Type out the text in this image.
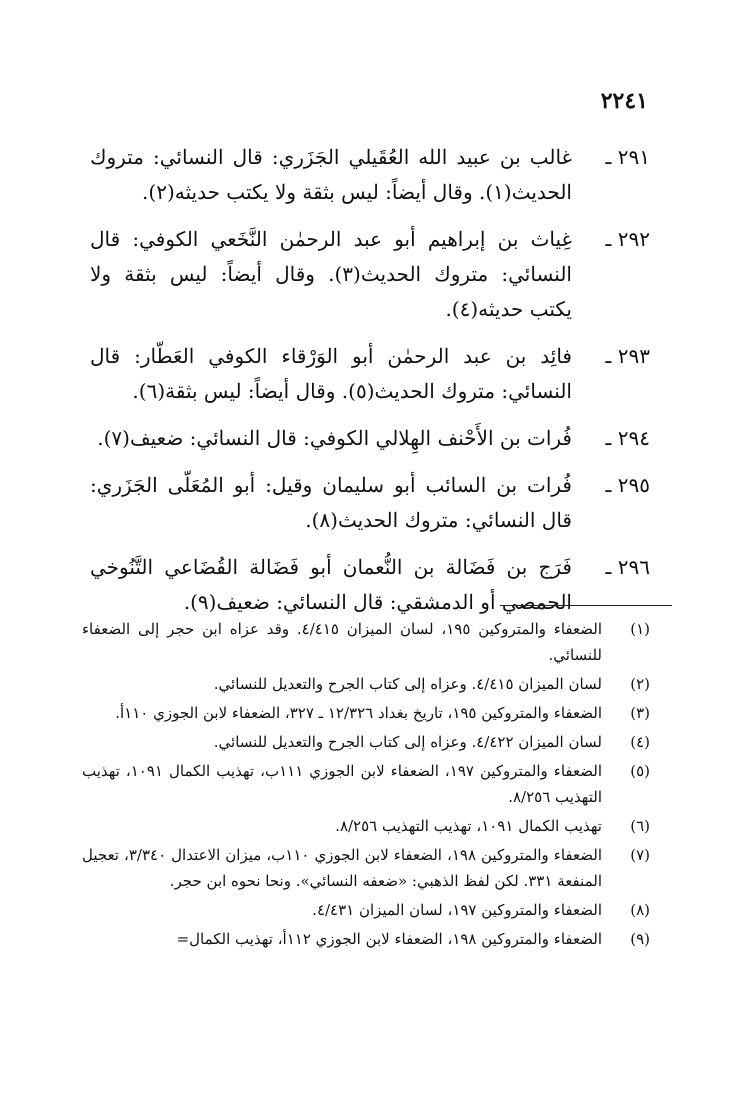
٢٢٤١
٢٩١ ـ
غالب بن عبيد الله العُقَيلي الجَزَري: قال النسائي: متروك الحديث(١). وقال أيضاً: ليس بثقة ولا يكتب حديثه(٢).
٢٩٢ ـ
غِياث بن إبراهيم أبو عبد الرحمٰن النَّخَعي الكوفي: قال النسائي: متروك الحديث(٣). وقال أيضاً: ليس بثقة ولا يكتب حديثه(٤).
٢٩٣ ـ
فائِد بن عبد الرحمٰن أبو الوَرْقاء الكوفي العَطّار: قال النسائي: متروك الحديث(٥). وقال أيضاً: ليس بثقة(٦).
٢٩٤ ـ
فُرات بن الأَحْنف الهِلالي الكوفي: قال النسائي: ضعيف(٧).
٢٩٥ ـ
فُرات بن السائب أبو سليمان وقيل: أبو المُعَلّى الجَزَري: قال النسائي: متروك الحديث(٨).
٢٩٦ ـ
فَرَج بن فَضَالة بن النُّعمان أبو فَضَالة القُضَاعي التَّنُوخي الحمصي أو الدمشقي: قال النسائي: ضعيف(٩).
(١)
الضعفاء والمتروكين ١٩٥، لسان الميزان ٤/٤١٥. وقد عزاه ابن حجر إلى الضعفاء للنسائي.
(٢)
لسان الميزان ٤/٤١٥. وعزاه إلى كتاب الجرح والتعديل للنسائي.
(٣)
الضعفاء والمتروكين ١٩٥، تاريخ بغداد ١٢/٣٢٦ ـ ٣٢٧، الضعفاء لابن الجوزي ١١٠أ.
(٤)
لسان الميزان ٤/٤٢٢. وعزاه إلى كتاب الجرح والتعديل للنسائي.
(٥)
الضعفاء والمتروكين ١٩٧، الضعفاء لابن الجوزي ١١١ب، تهذيب الكمال ١٠٩١، تهذيب التهذيب ٨/٢٥٦.
(٦)
تهذيب الكمال ١٠٩١، تهذيب التهذيب ٨/٢٥٦.
(٧)
الضعفاء والمتروكين ١٩٨، الضعفاء لابن الجوزي ١١٠ب، ميزان الاعتدال ٣/٣٤٠، تعجيل المنفعة ٣٣١. لكن لفظ الذهبي: «ضعفه النسائي». ونحا نحوه ابن حجر.
(٨)
الضعفاء والمتروكين ١٩٧، لسان الميزان ٤/٤٣١.
(٩)
الضعفاء والمتروكين ١٩٨، الضعفاء لابن الجوزي ١١٢أ، تهذيب الكمال=
